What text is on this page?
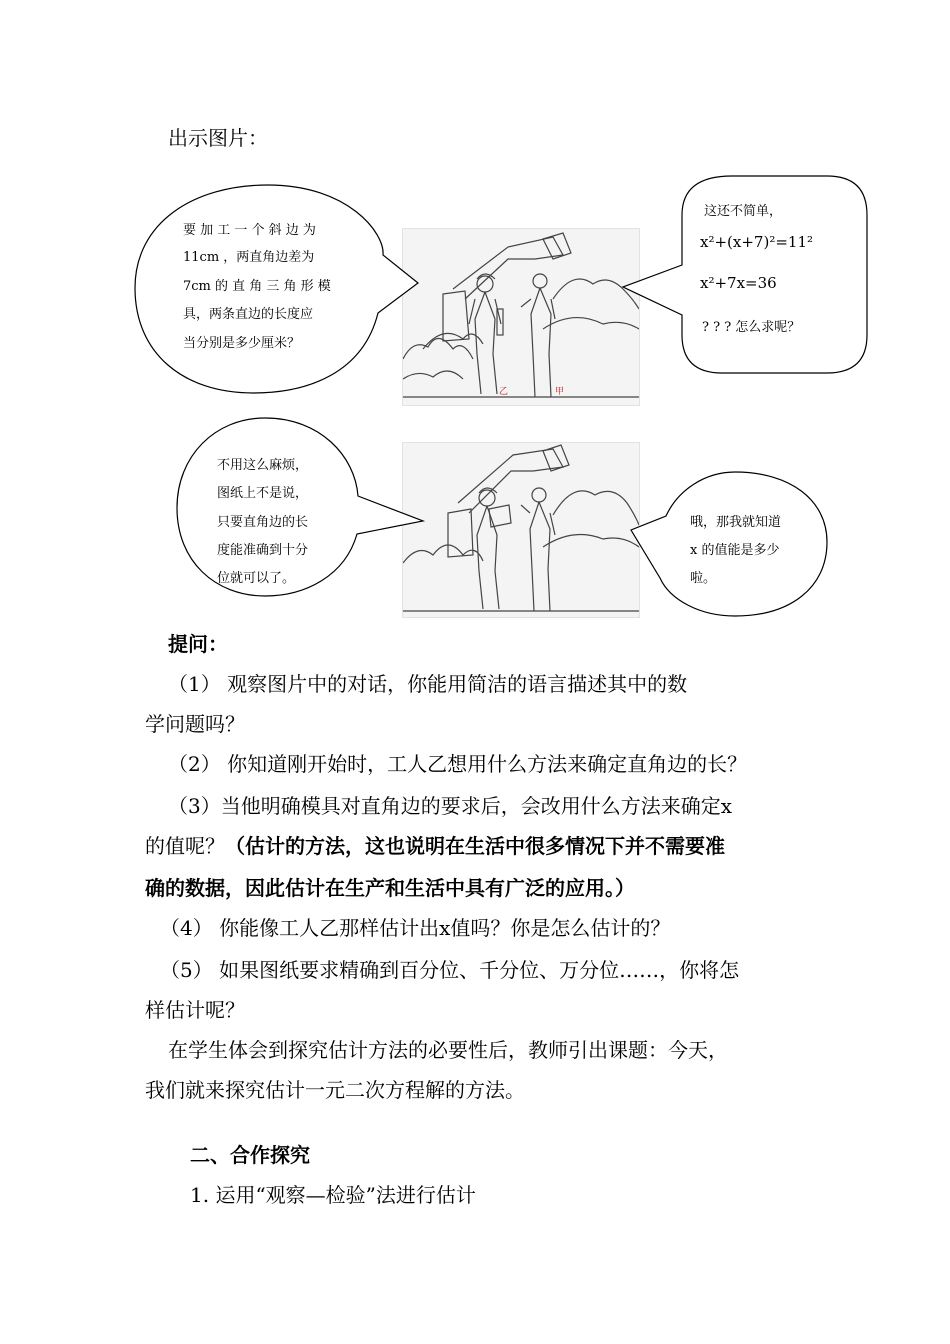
出示图片：
乙	甲
要 加 工 一 个 斜 边 为
11cm ，两直角边差为
7cm 的 直 角 三 角 形 模
具，两条直边的长度应
当分别是多少厘米？
这还不简单，
x²+(x+7)²=11²
x²+7x=36
? ? ? 怎么求呢？
不用这么麻烦，
图纸上不是说，
只要直角边的长
度能准确到十分
位就可以了。
哦，那我就知道
x 的值能是多少
啦。
提问：
（1） 观察图片中的对话，你能用简洁的语言描述其中的数
学问题吗？
（2） 你知道刚开始时，工人乙想用什么方法来确定直角边的长？
（3）当他明确模具对直角边的要求后，会改用什么方法来确定x
的值呢？（估计的方法，这也说明在生活中很多情况下并不需要准
确的数据，因此估计在生产和生活中具有广泛的应用。）
（4） 你能像工人乙那样估计出x值吗？你是怎么估计的？
（5） 如果图纸要求精确到百分位、千分位、万分位……，你将怎
样估计呢？
在学生体会到探究估计方法的必要性后，教师引出课题：今天，
我们就来探究估计一元二次方程解的方法。
二、合作探究
1. 运用“观察—检验”法进行估计
